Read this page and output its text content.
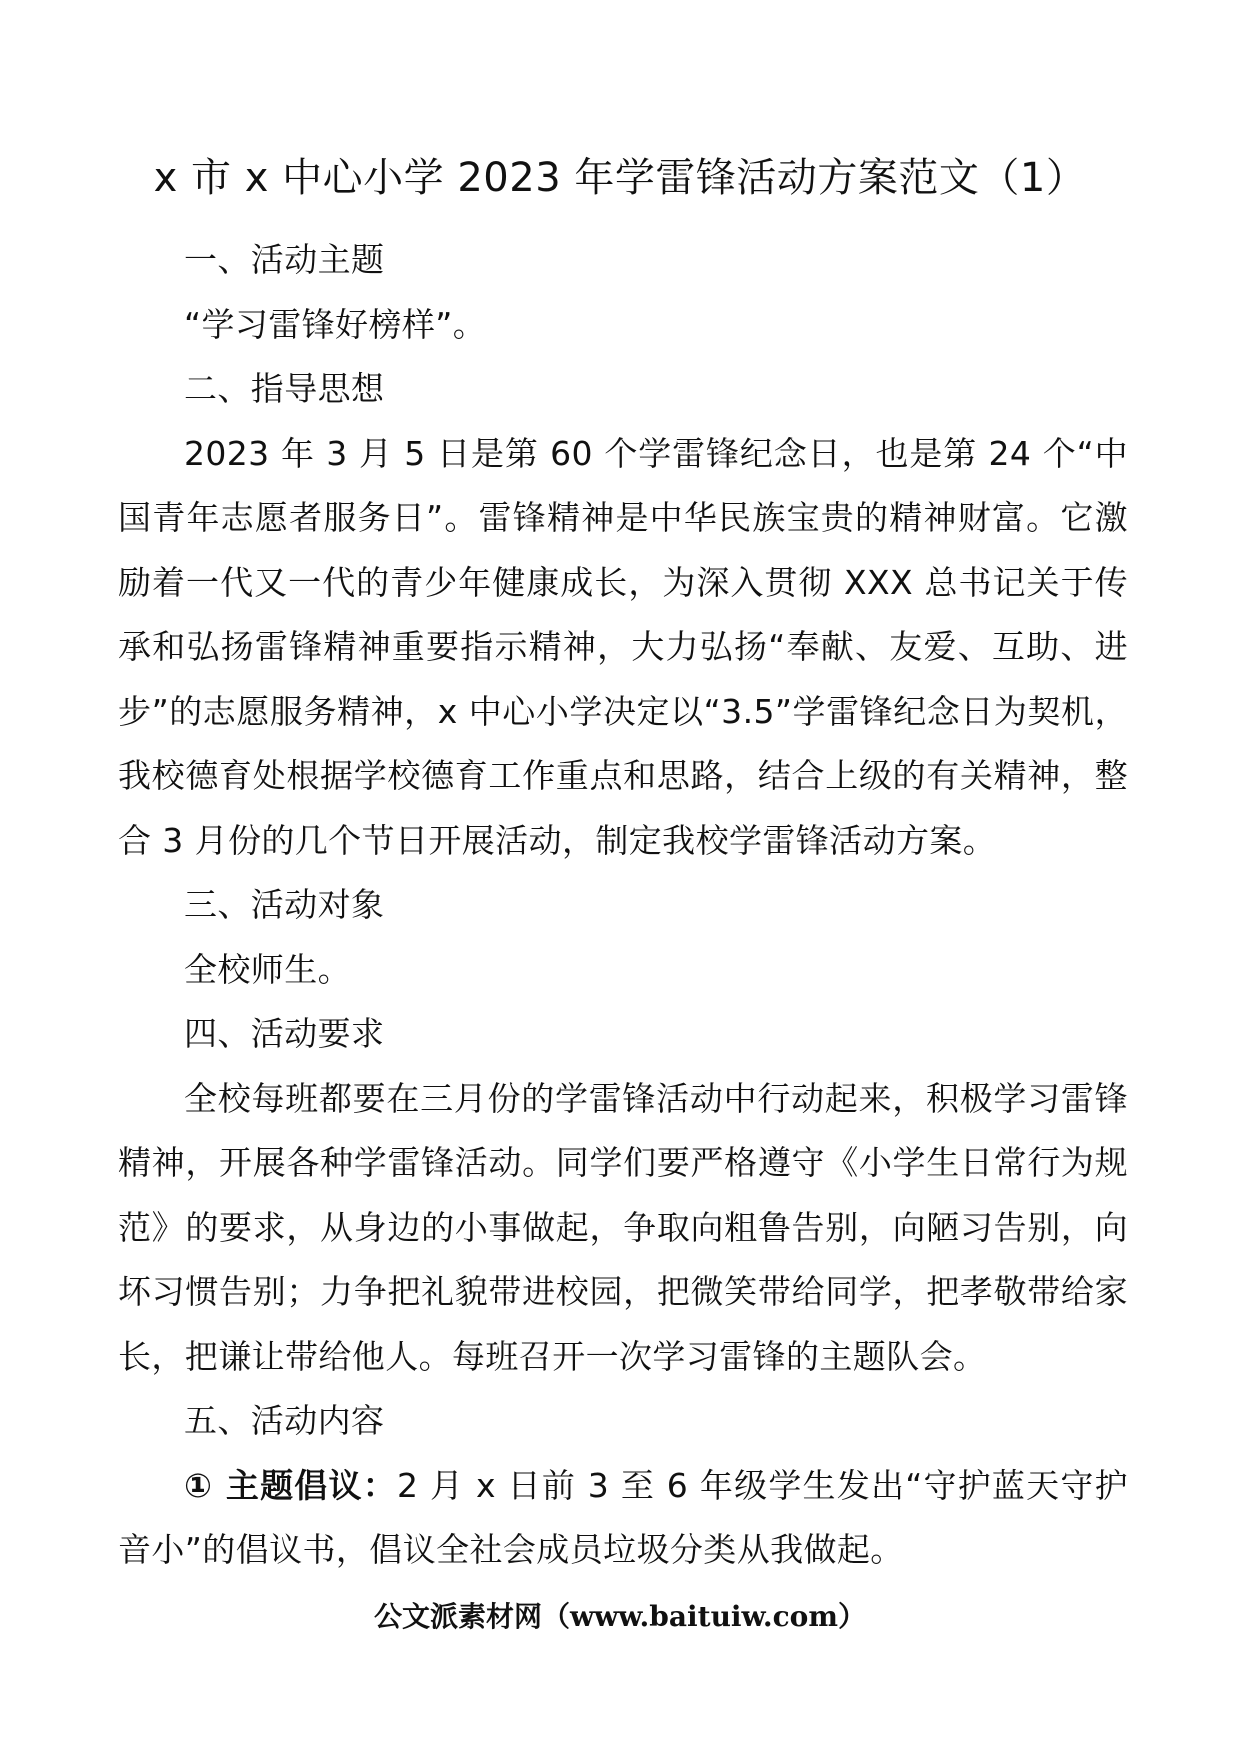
x 市 x 中心小学 2023 年学雷锋活动方案范文（1）

一、活动主题

“学习雷锋好榜样”。

二、指导思想

2023 年 3 月 5 日是第 60 个学雷锋纪念日，也是第 24 个“中国青年志愿者服务日”。雷锋精神是中华民族宝贵的精神财富。它激励着一代又一代的青少年健康成长，为深入贯彻 XXX 总书记关于传承和弘扬雷锋精神重要指示精神，大力弘扬“奉献、友爱、互助、进步”的志愿服务精神，x 中心小学决定以“3.5”学雷锋纪念日为契机，我校德育处根据学校德育工作重点和思路，结合上级的有关精神，整合 3 月份的几个节日开展活动，制定我校学雷锋活动方案。

三、活动对象

全校师生。

四、活动要求

全校每班都要在三月份的学雷锋活动中行动起来，积极学习雷锋精神，开展各种学雷锋活动。同学们要严格遵守《小学生日常行为规范》的要求，从身边的小事做起，争取向粗鲁告别，向陋习告别，向坏习惯告别；力争把礼貌带进校园，把微笑带给同学，把孝敬带给家长，把谦让带给他人。每班召开一次学习雷锋的主题队会。

五、活动内容

① 主题倡议：2 月 x 日前 3 至 6 年级学生发出“守护蓝天守护音小”的倡议书，倡议全社会成员垃圾分类从我做起。

公文派素材网（www.baituiw.com）
